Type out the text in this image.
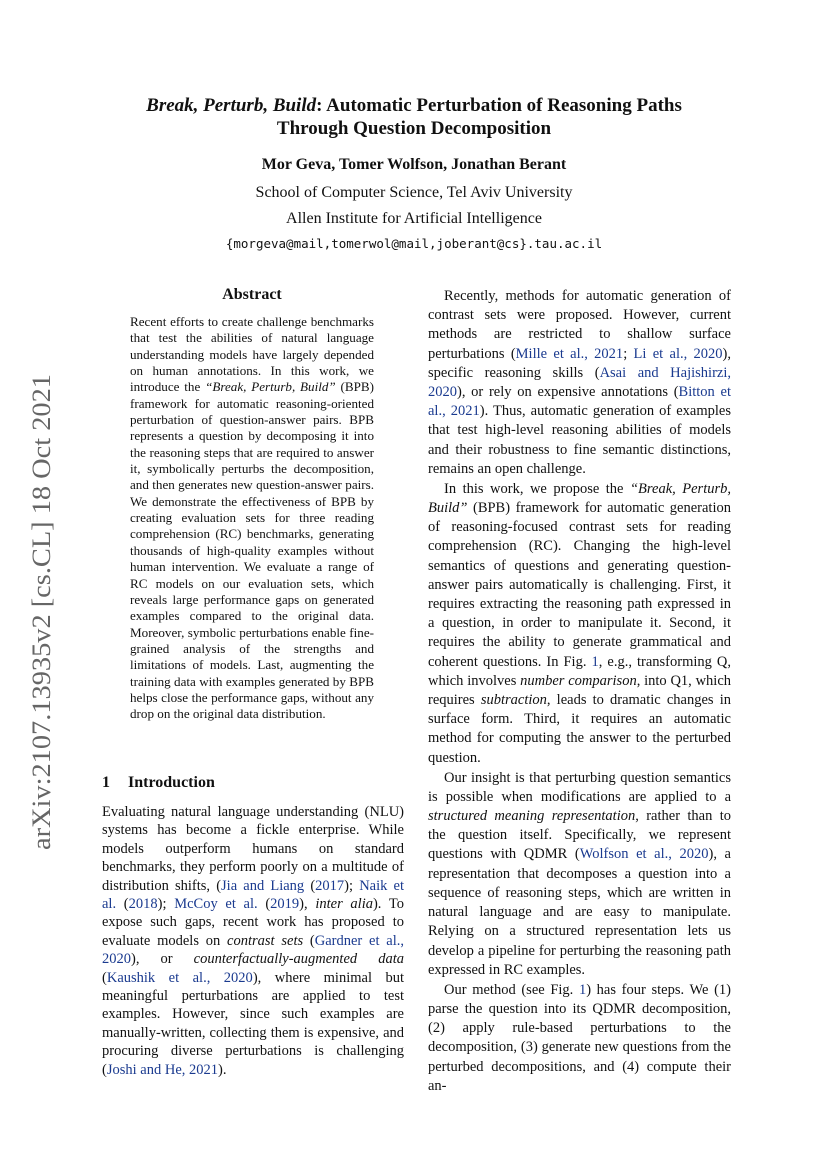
Break, Perturb, Build: Automatic Perturbation of Reasoning Paths
Through Question Decomposition
Mor Geva, Tomer Wolfson, Jonathan Berant
School of Computer Science, Tel Aviv University
Allen Institute for Artificial Intelligence
{morgeva@mail,tomerwol@mail,joberant@cs}.tau.ac.il
arXiv:2107.13935v2 [cs.CL] 18 Oct 2021
Abstract

Recent efforts to create challenge benchmarks that test the abilities of natural language understanding models have largely depended on human annotations. In this work, we introduce the “Break, Perturb, Build” (BPB) framework for automatic reasoning-oriented perturbation of question-answer pairs. BPB represents a question by decomposing it into the reasoning steps that are required to answer it, symbolically perturbs the decomposition, and then generates new question-answer pairs. We demonstrate the effectiveness of BPB by creating evaluation sets for three reading comprehension (RC) benchmarks, generating thousands of high-quality examples without human intervention. We evaluate a range of RC models on our evaluation sets, which reveals large performance gaps on generated examples compared to the original data. Moreover, symbolic perturbations enable fine-grained analysis of the strengths and limitations of models. Last, augmenting the training data with examples generated by BPB helps close the performance gaps, without any drop on the original data distribution.

1 Introduction

Evaluating natural language understanding (NLU) systems has become a fickle enterprise. While models outperform humans on standard benchmarks, they perform poorly on a multitude of distribution shifts, (Jia and Liang (2017); Naik et al. (2018); McCoy et al. (2019), inter alia). To expose such gaps, recent work has proposed to evaluate models on contrast sets (Gardner et al., 2020), or counterfactually-augmented data (Kaushik et al., 2020), where minimal but meaningful perturbations are applied to test examples. However, since such examples are manually-written, collecting them is expensive, and procuring diverse perturbations is challenging (Joshi and He, 2021).

Recently, methods for automatic generation of contrast sets were proposed. However, current methods are restricted to shallow surface perturbations (Mille et al., 2021; Li et al., 2020), specific reasoning skills (Asai and Hajishirzi, 2020), or rely on expensive annotations (Bitton et al., 2021). Thus, automatic generation of examples that test high-level reasoning abilities of models and their robustness to fine semantic distinctions, remains an open challenge.

In this work, we propose the “Break, Perturb, Build” (BPB) framework for automatic generation of reasoning-focused contrast sets for reading comprehension (RC). Changing the high-level semantics of questions and generating question-answer pairs automatically is challenging. First, it requires extracting the reasoning path expressed in a question, in order to manipulate it. Second, it requires the ability to generate grammatical and coherent questions. In Fig. 1, e.g., transforming Q, which involves number comparison, into Q1, which requires subtraction, leads to dramatic changes in surface form. Third, it requires an automatic method for computing the answer to the perturbed question.

Our insight is that perturbing question semantics is possible when modifications are applied to a structured meaning representation, rather than to the question itself. Specifically, we represent questions with QDMR (Wolfson et al., 2020), a representation that decomposes a question into a sequence of reasoning steps, which are written in natural language and are easy to manipulate. Relying on a structured representation lets us develop a pipeline for perturbing the reasoning path expressed in RC examples.

Our method (see Fig. 1) has four steps. We (1) parse the question into its QDMR decomposition, (2) apply rule-based perturbations to the decomposition, (3) generate new questions from the perturbed decompositions, and (4) compute their an-
